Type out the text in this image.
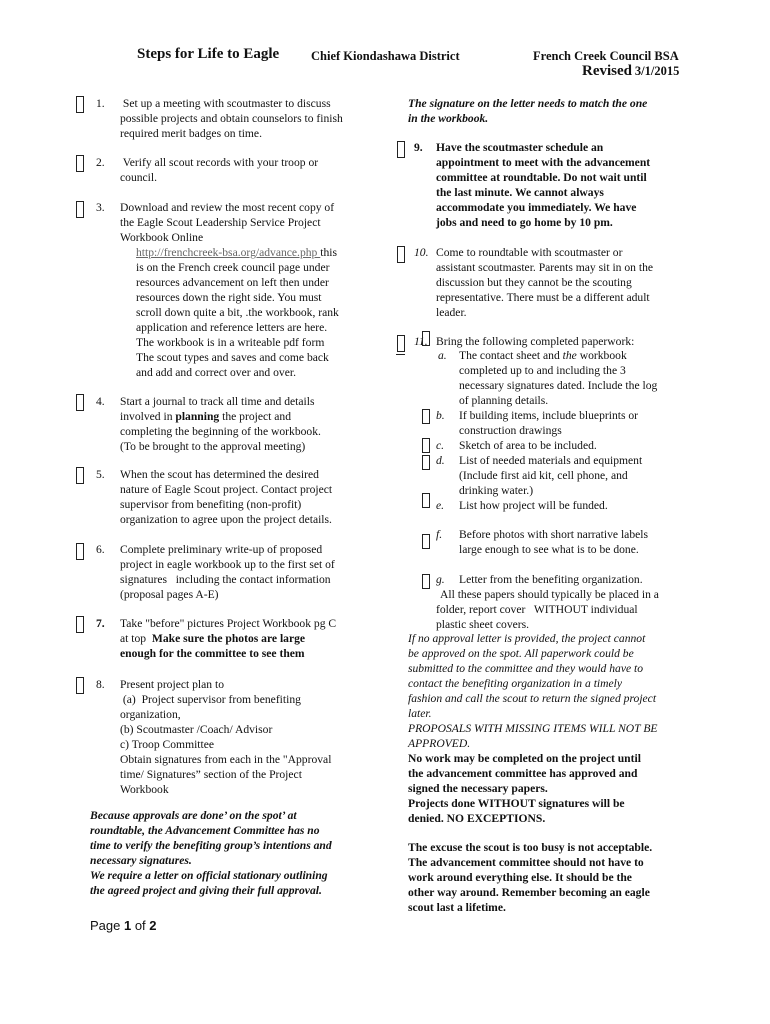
Steps for Life to Eagle	Chief Kiondashawa District	French Creek Council BSA
Revised 3/1/2015
1. Set up a meeting with scoutmaster to discuss
possible projects and obtain counselors to finish
required merit badges on time.
2. Verify all scout records with your troop or
council.
3. Download and review the most recent copy of
the Eagle Scout Leadership Service Project
Workbook Online
http://frenchcreek-bsa.org/advance.php this
is on the French creek council page under
resources advancement on left then under
resources down the right side. You must
scroll down quite a bit, .the workbook, rank
application and reference letters are here.
The workbook is in a writeable pdf form
The scout types and saves and come back
and add and correct over and over.
4. Start a journal to track all time and details
involved in planning the project and
completing the beginning of the workbook.
(To be brought to the approval meeting)
5. When the scout has determined the desired
nature of Eagle Scout project. Contact project
supervisor from benefiting (non-profit)
organization to agree upon the project details.
6. Complete preliminary write-up of proposed
project in eagle workbook up to the first set of
signatures   including the contact information
(proposal pages A-E)
7. Take "before" pictures Project Workbook pg C
at top  Make sure the photos are large
enough for the committee to see them
8. Present project plan to
(a)  Project supervisor from benefiting
organization,
(b) Scoutmaster /Coach/ Advisor
c) Troop Committee
Obtain signatures from each in the "Approval
time/ Signatures” section of the Project
Workbook
Because approvals are done’ on the spot’ at
roundtable, the Advancement Committee has no
time to verify the benefiting group’s intentions and
necessary signatures.
We require a letter on official stationary outlining
the agreed project and giving their full approval.
The signature on the letter needs to match the one
in the workbook.
9. Have the scoutmaster schedule an
appointment to meet with the advancement
committee at roundtable. Do not wait until
the last minute. We cannot always
accommodate you immediately. We have
jobs and need to go home by 10 pm.
10. Come to roundtable with scoutmaster or
assistant scoutmaster. Parents may sit in on the
discussion but they cannot be the scouting
representative. There must be a different adult
leader.
11. Bring the following completed paperwork:
a. The contact sheet and the workbook
completed up to and including the 3
necessary signatures dated. Include the log
of planning details.
b. If building items, include blueprints or
construction drawings
c. Sketch of area to be included.
d. List of needed materials and equipment
(Include first aid kit, cell phone, and
drinking water.)
e. List how project will be funded.
f. Before photos with short narrative labels
large enough to see what is to be done.
g. Letter from the benefiting organization.
All these papers should typically be placed in a
folder, report cover   WITHOUT individual
plastic sheet covers.
If no approval letter is provided, the project cannot
be approved on the spot. All paperwork could be
submitted to the committee and they would have to
contact the benefiting organization in a timely
fashion and call the scout to return the signed project
later.
PROPOSALS WITH MISSING ITEMS WILL NOT BE
APPROVED.
No work may be completed on the project until
the advancement committee has approved and
signed the necessary papers.
Projects done WITHOUT signatures will be
denied. NO EXCEPTIONS.
The excuse the scout is too busy is not acceptable.
The advancement committee should not have to
work around everything else. It should be the
other way around. Remember becoming an eagle
scout last a lifetime.
Page 1 of 2
